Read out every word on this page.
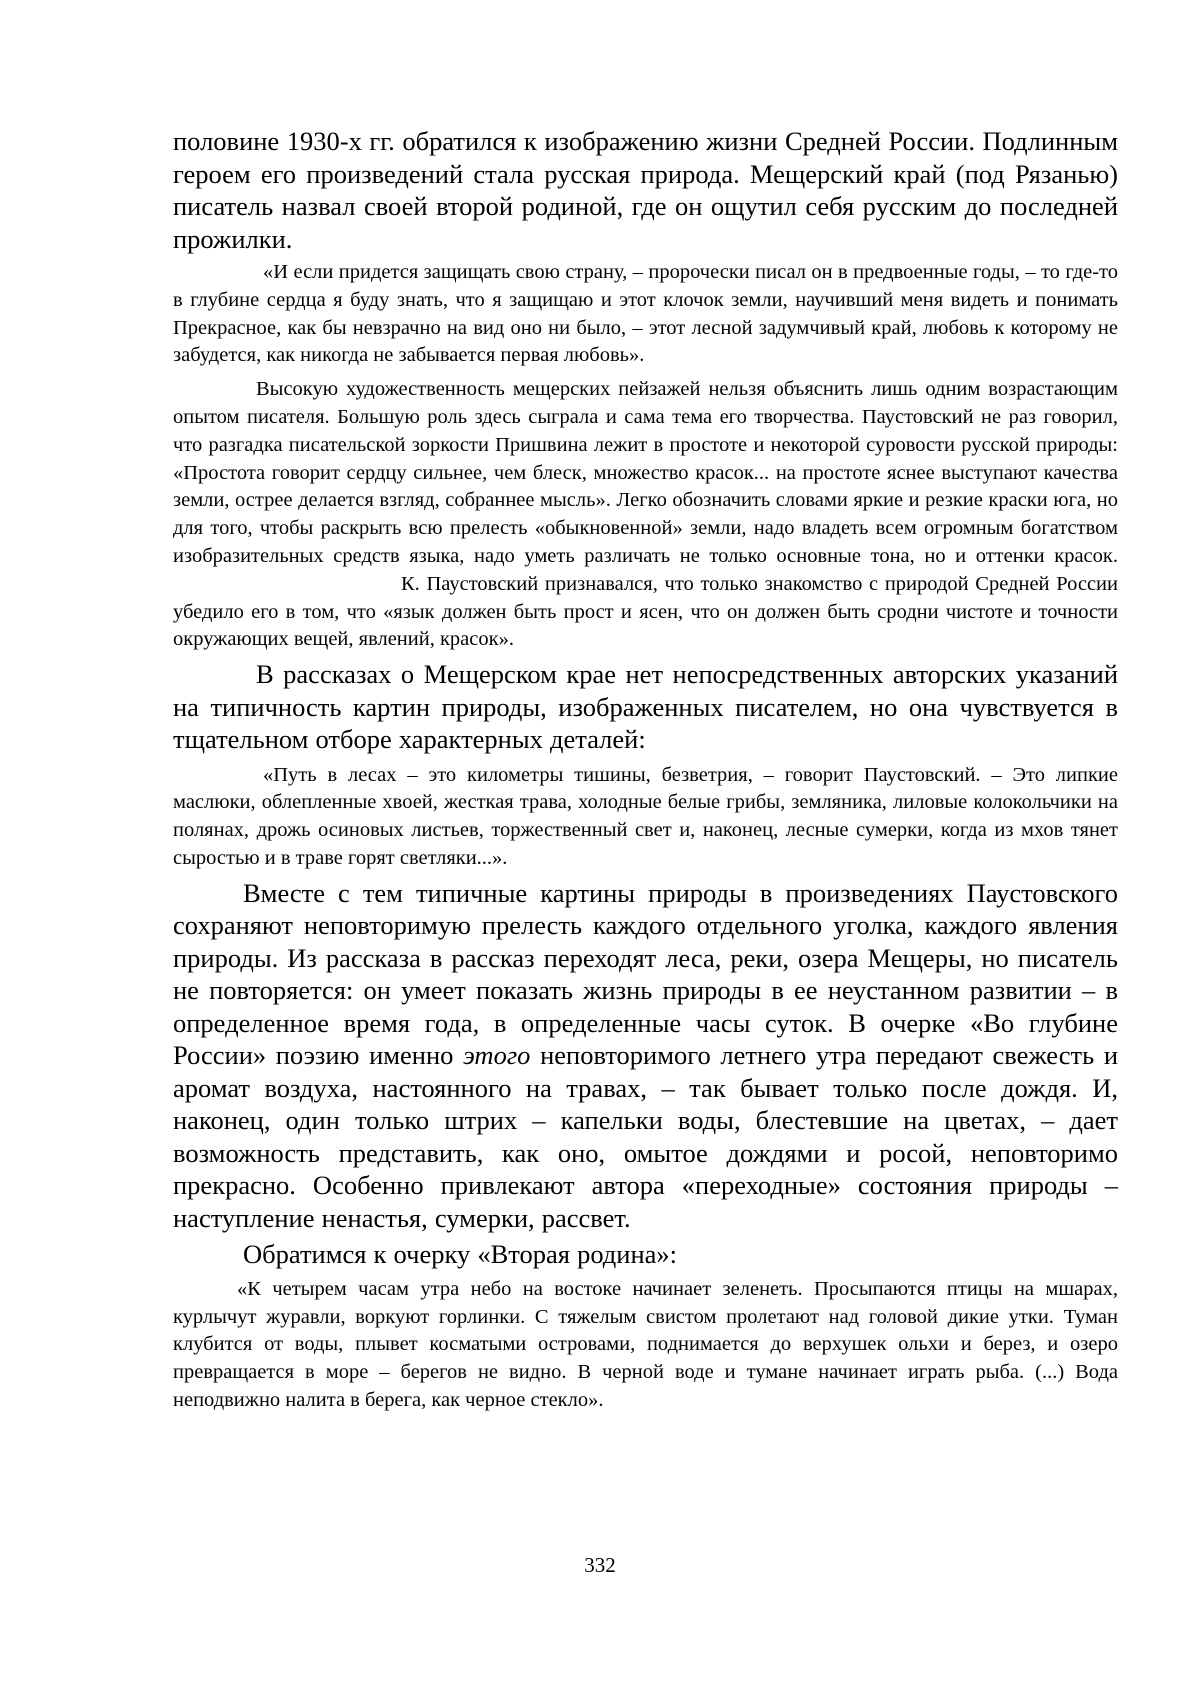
половине 1930-х гг. обратился к изображению жизни Средней России. Подлинным героем его произведений стала русская природа. Мещерский край (под Рязанью) писатель назвал своей второй родиной, где он ощутил себя русским до последней прожилки.

«И если придется защищать свою страну, – пророчески писал он в предвоенные годы, – то где-то в глубине сердца я буду знать, что я защищаю и этот клочок земли, научивший меня видеть и понимать Прекрасное, как бы невзрачно на вид оно ни было, – этот лесной задумчивый край, любовь к которому не забудется, как никогда не забывается первая любовь».

Высокую художественность мещерских пейзажей нельзя объяснить лишь одним возрастающим опытом писателя. Большую роль здесь сыграла и сама тема его творчества. Паустовский не раз говорил, что разгадка писательской зоркости Пришвина лежит в простоте и некоторой суровости русской природы: «Простота говорит сердцу сильнее, чем блеск, множество красок... на простоте яснее выступают качества земли, острее делается взгляд, собраннее мысль». Легко обозначить словами яркие и резкие краски юга, но для того, чтобы раскрыть всю прелесть «обыкновенной» земли, надо владеть всем огромным богатством изобразительных средств языка, надо уметь различать не только основные тона, но и оттенки красок.К. Паустовский признавался, что только знакомство с природой Средней России убедило его в том, что «язык должен быть прост и ясен, что он должен быть сродни чистоте и точности окружающих вещей, явлений, красок».

В рассказах о Мещерском крае нет непосредственных авторских указаний на типичность картин природы, изображенных писателем, но она чувствуется в тщательном отборе характерных деталей:

«Путь в лесах – это километры тишины, безветрия, – говорит Паустовский. – Это липкие маслюки, облепленные хвоей, жесткая трава, холодные белые грибы, земляника, лиловые колокольчики на полянах, дрожь осиновых листьев, торжественный свет и, наконец, лесные сумерки, когда из мхов тянет сыростью и в траве горят светляки...».

Вместе с тем типичные картины природы в произведениях Паустовского сохраняют неповторимую прелесть каждого отдельного уголка, каждого явления природы. Из рассказа в рассказ переходят леса, реки, озера Мещеры, но писатель не повторяется: он умеет показать жизнь природы в ее неустанном развитии – в определенное время года, в определенные часы суток. В очерке «Во глубине России» поэзию именно этого неповторимого летнего утра передают свежесть и аромат воздуха, настоянного на травах, – так бывает только после дождя. И, наконец, один только штрих – капельки воды, блестевшие на цветах, – дает возможность представить, как оно, омытое дождями и росой, неповторимо прекрасно. Особенно привлекают автора «переходные» состояния природы – наступление ненастья, сумерки, рассвет.

Обратимся к очерку «Вторая родина»:

«К четырем часам утра небо на востоке начинает зеленеть. Просыпаются птицы на мшарах, курлычут журавли, воркуют горлинки. С тяжелым свистом пролетают над головой дикие утки. Туман клубится от воды, плывет косматыми островами, поднимается до верхушек ольхи и берез, и озеро превращается в море – берегов не видно. В черной воде и тумане начинает играть рыба. (...) Вода неподвижно налита в берега, как черное стекло».

332
